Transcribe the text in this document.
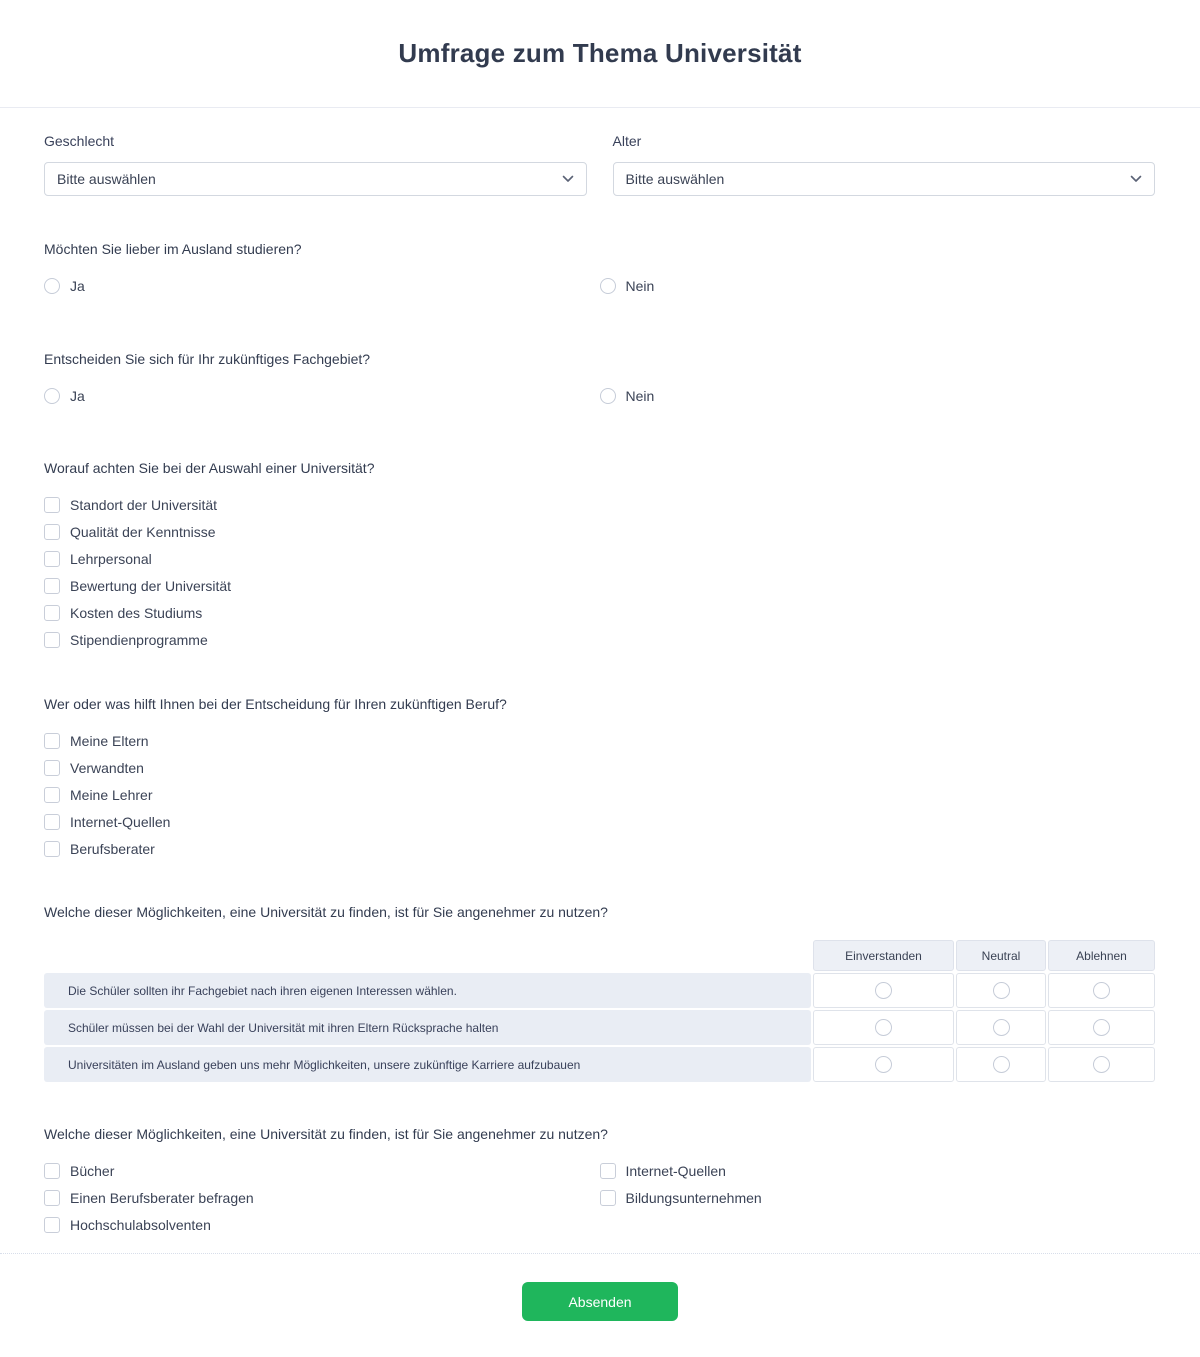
Umfrage zum Thema Universität
Geschlecht
Bitte auswählen
Alter
Bitte auswählen
Möchten Sie lieber im Ausland studieren?
Ja	Nein
Entscheiden Sie sich für Ihr zukünftiges Fachgebiet?
Ja	Nein
Worauf achten Sie bei der Auswahl einer Universität?
Standort der Universität
Qualität der Kenntnisse
Lehrpersonal
Bewertung der Universität
Kosten des Studiums
Stipendienprogramme
Wer oder was hilft Ihnen bei der Entscheidung für Ihren zukünftigen Beruf?
Meine Eltern
Verwandten
Meine Lehrer
Internet-Quellen
Berufsberater
Welche dieser Möglichkeiten, eine Universität zu finden, ist für Sie angenehmer zu nutzen?
Einverstanden	Neutral	Ablehnen
Die Schüler sollten ihr Fachgebiet nach ihren eigenen Interessen wählen.
Schüler müssen bei der Wahl der Universität mit ihren Eltern Rücksprache halten
Universitäten im Ausland geben uns mehr Möglichkeiten, unsere zukünftige Karriere aufzubauen
Welche dieser Möglichkeiten, eine Universität zu finden, ist für Sie angenehmer zu nutzen?
Bücher
Einen Berufsberater befragen
Hochschulabsolventen
Internet-Quellen
Bildungsunternehmen
Absenden
